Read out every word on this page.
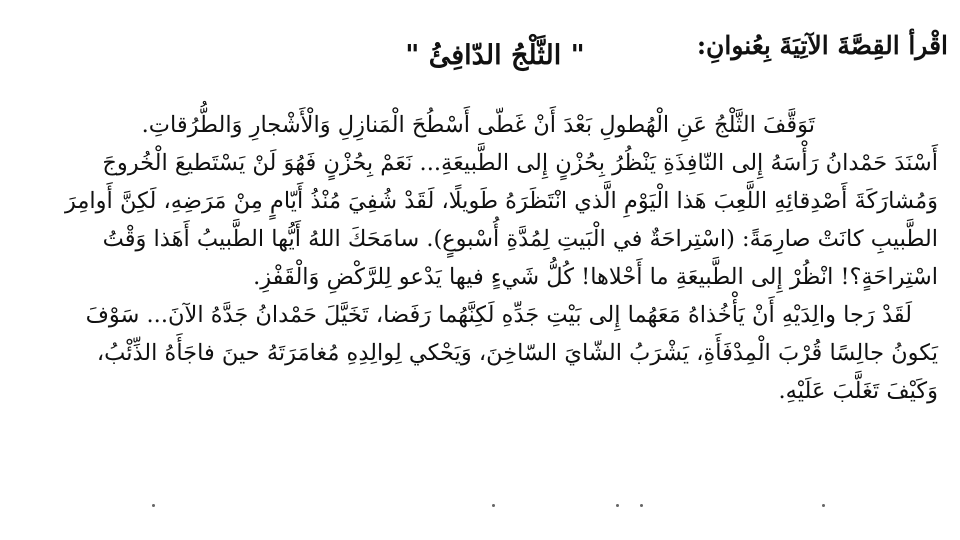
اقْرأ القِصَّةَ الآتِيَةَ بِعُنوانِ:
" الثَّلْجُ الدّافِئُ "
تَوَقَّفَ الثَّلْجُ عَنِ الْهُطولِ بَعْدَ أَنْ غَطّى أَسْطُحَ الْمَنازِلِ وَالْأَشْجارِ وَالطُّرُقاتِ.
أَسْنَدَ حَمْدانُ رَأْسَهُ إِلى النّافِذَةِ يَنْظُرُ بِحُزْنٍ إِلى الطَّبيعَةِ... نَعَمْ بِحُزْنٍ فَهُوَ لَنْ يَسْتَطيعَ الْخُروجَ
وَمُشارَكَةَ أَصْدِقائِهِ اللَّعِبَ هَذا الْيَوْمِ الَّذي انْتَظَرَهُ طَويلًا، لَقَدْ شُفِيَ مُنْذُ أَيّامٍ مِنْ مَرَضِهِ، لَكِنَّ أَوامِرَ
الطَّبيبِ كانَتْ صارِمَةً: (اسْتِراحَةٌ في الْبَيتِ لِمُدَّةِ أُسْبوعٍ). سامَحَكَ اللهُ أَيُّها الطَّبيبُ أَهَذا وَقْتُ
اسْتِراحَةٍ؟! انْظُرْ إِلى الطَّبيعَةِ ما أَحْلاها! كُلُّ شَيءٍ فيها يَدْعو لِلرَّكْضِ وَالْقَفْزِ.
لَقَدْ رَجا والِدَيْهِ أَنْ يَأْخُذاهُ مَعَهُما إِلى بَيْتِ جَدِّهِ لَكِنَّهُما رَفَضا، تَخَيَّلَ حَمْدانُ جَدَّهُ الآنَ... سَوْفَ
يَكونُ جالِسًا قُرْبَ الْمِدْفَأَةِ، يَشْرَبُ الشّايَ السّاخِنَ، وَيَحْكي لِوالِدِهِ مُغامَرَتَهُ حينَ فاجَأَهُ الذِّئْبُ،
وَكَيْفَ تَغَلَّبَ عَلَيْهِ.
